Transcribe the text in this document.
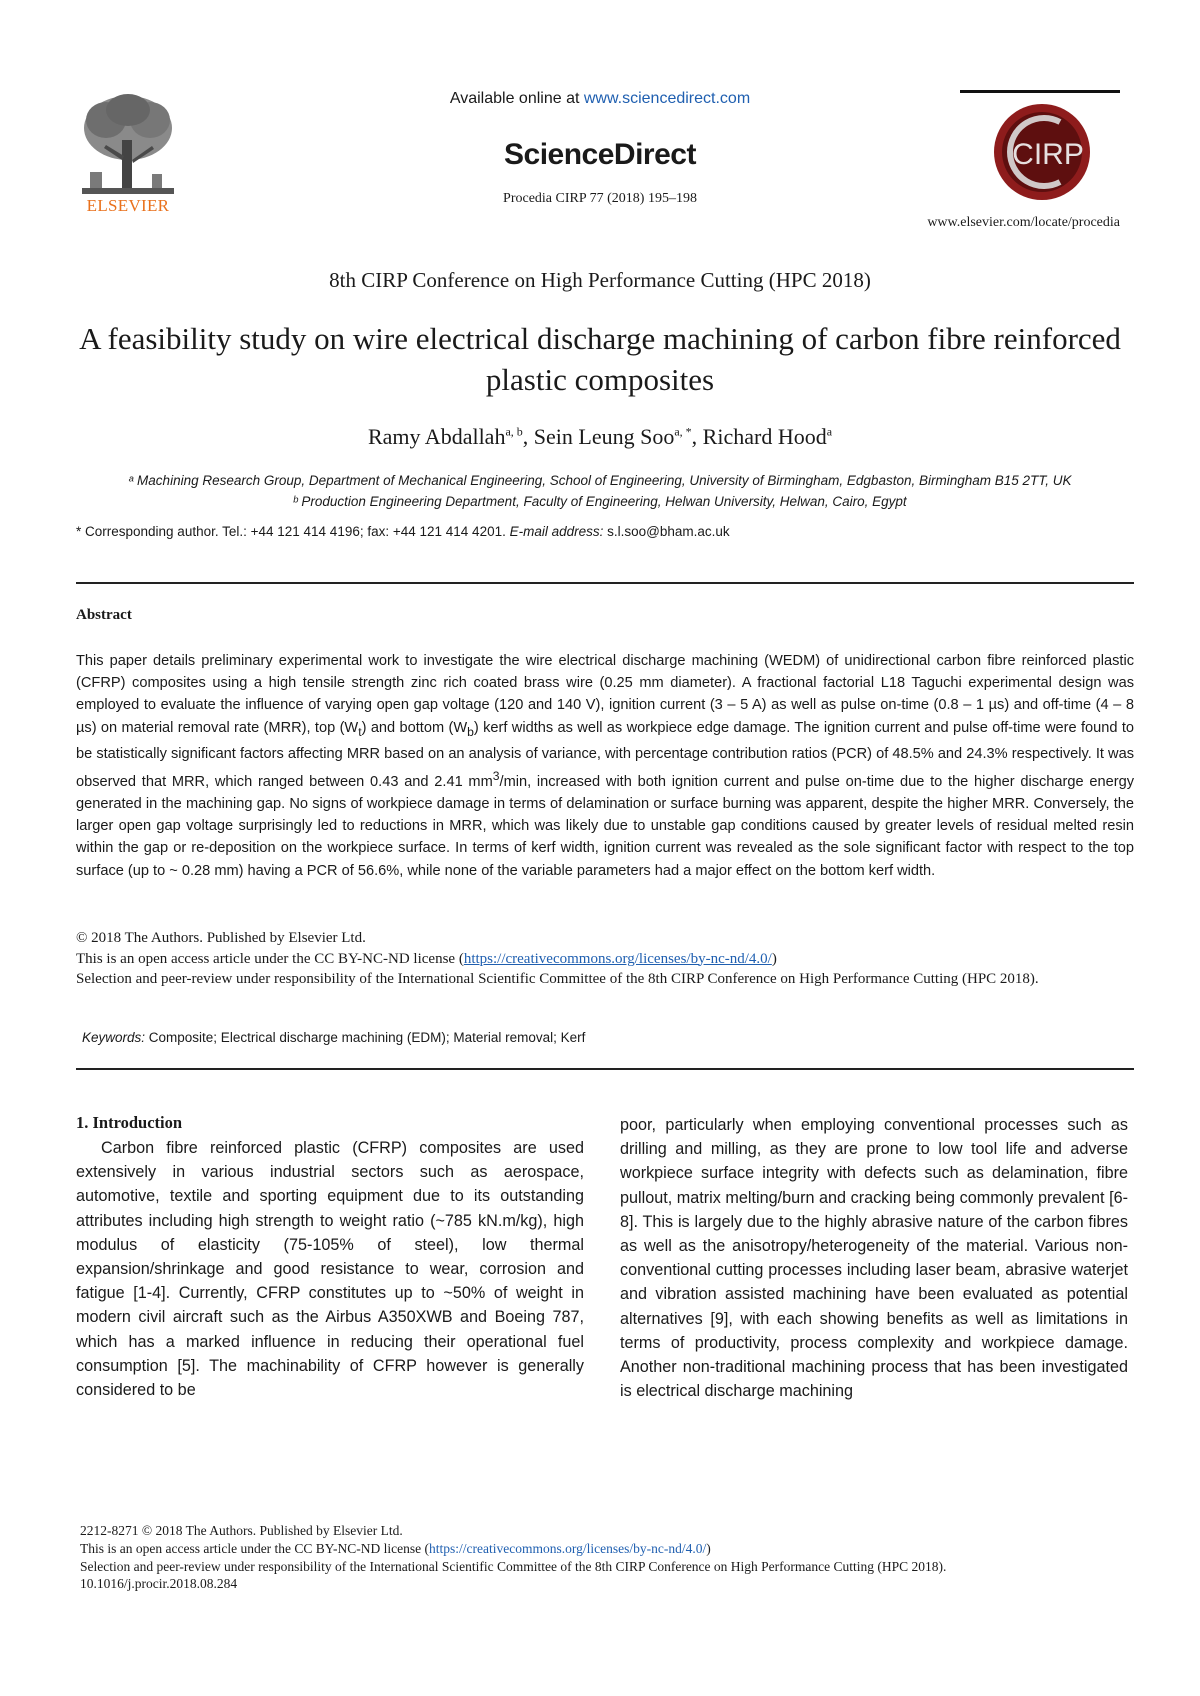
ELSEVIER
Available online at www.sciencedirect.com
ScienceDirect
Procedia CIRP 77 (2018) 195–198
CIRP
www.elsevier.com/locate/procedia
8th CIRP Conference on High Performance Cutting (HPC 2018)
A feasibility study on wire electrical discharge machining of carbon fibre reinforced plastic composites
Ramy Abdallah$^{a, b}$, Sein Leung Soo$^{a, *}$, Richard Hood$^a$
ᵃ Machining Research Group, Department of Mechanical Engineering, School of Engineering, University of Birmingham, Edgbaston, Birmingham B15 2TT, UK
ᵇ Production Engineering Department, Faculty of Engineering, Helwan University, Helwan, Cairo, Egypt
* Corresponding author. Tel.: +44 121 414 4196; fax: +44 121 414 4201. E-mail address: s.l.soo@bham.ac.uk
Abstract
This paper details preliminary experimental work to investigate the wire electrical discharge machining (WEDM) of unidirectional carbon fibre reinforced plastic (CFRP) composites using a high tensile strength zinc rich coated brass wire (0.25 mm diameter). A fractional factorial L18 Taguchi experimental design was employed to evaluate the influence of varying open gap voltage (120 and 140 V), ignition current (3 – 5 A) as well as pulse on-time (0.8 – 1 µs) and off-time (4 – 8 µs) on material removal rate (MRR), top $(W_t)$ and bottom $(W_b)$ kerf widths as well as workpiece edge damage. The ignition current and pulse off-time were found to be statistically significant factors affecting MRR based on an analysis of variance, with percentage contribution ratios (PCR) of 48.5% and 24.3% respectively. It was observed that MRR, which ranged between 0.43 and 2.41 $mm^3/\min$, increased with both ignition current and pulse on-time due to the higher discharge energy generated in the machining gap. No signs of workpiece damage in terms of delamination or surface burning was apparent, despite the higher MRR. Conversely, the larger open gap voltage surprisingly led to reductions in MRR, which was likely due to unstable gap conditions caused by greater levels of residual melted resin within the gap or re-deposition on the workpiece surface. In terms of kerf width, ignition current was revealed as the sole significant factor with respect to the top surface (up to ~ 0.28 mm) having a PCR of 56.6%, while none of the variable parameters had a major effect on the bottom kerf width.
© 2018 The Authors. Published by Elsevier Ltd.
This is an open access article under the CC BY-NC-ND license (https://creativecommons.org/licenses/by-nc-nd/4.0/)
Selection and peer-review under responsibility of the International Scientific Committee of the 8th CIRP Conference on High Performance Cutting (HPC 2018).
Keywords: Composite; Electrical discharge machining (EDM); Material removal; Kerf
1. Introduction
Carbon fibre reinforced plastic (CFRP) composites are used extensively in various industrial sectors such as aerospace, automotive, textile and sporting equipment due to its outstanding attributes including high strength to weight ratio (~785 kN.m/kg), high modulus of elasticity (75-105% of steel), low thermal expansion/shrinkage and good resistance to wear, corrosion and fatigue [1-4]. Currently, CFRP constitutes up to ~50% of weight in modern civil aircraft such as the Airbus A350XWB and Boeing 787, which has a marked influence in reducing their operational fuel consumption [5]. The machinability of CFRP however is generally considered to be
poor, particularly when employing conventional processes such as drilling and milling, as they are prone to low tool life and adverse workpiece surface integrity with defects such as delamination, fibre pullout, matrix melting/burn and cracking being commonly prevalent [6-8]. This is largely due to the highly abrasive nature of the carbon fibres as well as the anisotropy/heterogeneity of the material. Various non-conventional cutting processes including laser beam, abrasive waterjet and vibration assisted machining have been evaluated as potential alternatives [9], with each showing benefits as well as limitations in terms of productivity, process complexity and workpiece damage. Another non-traditional machining process that has been investigated is electrical discharge machining
2212-8271 © 2018 The Authors. Published by Elsevier Ltd.
This is an open access article under the CC BY-NC-ND license (https://creativecommons.org/licenses/by-nc-nd/4.0/)
Selection and peer-review under responsibility of the International Scientific Committee of the 8th CIRP Conference on High Performance Cutting (HPC 2018).
10.1016/j.procir.2018.08.284
